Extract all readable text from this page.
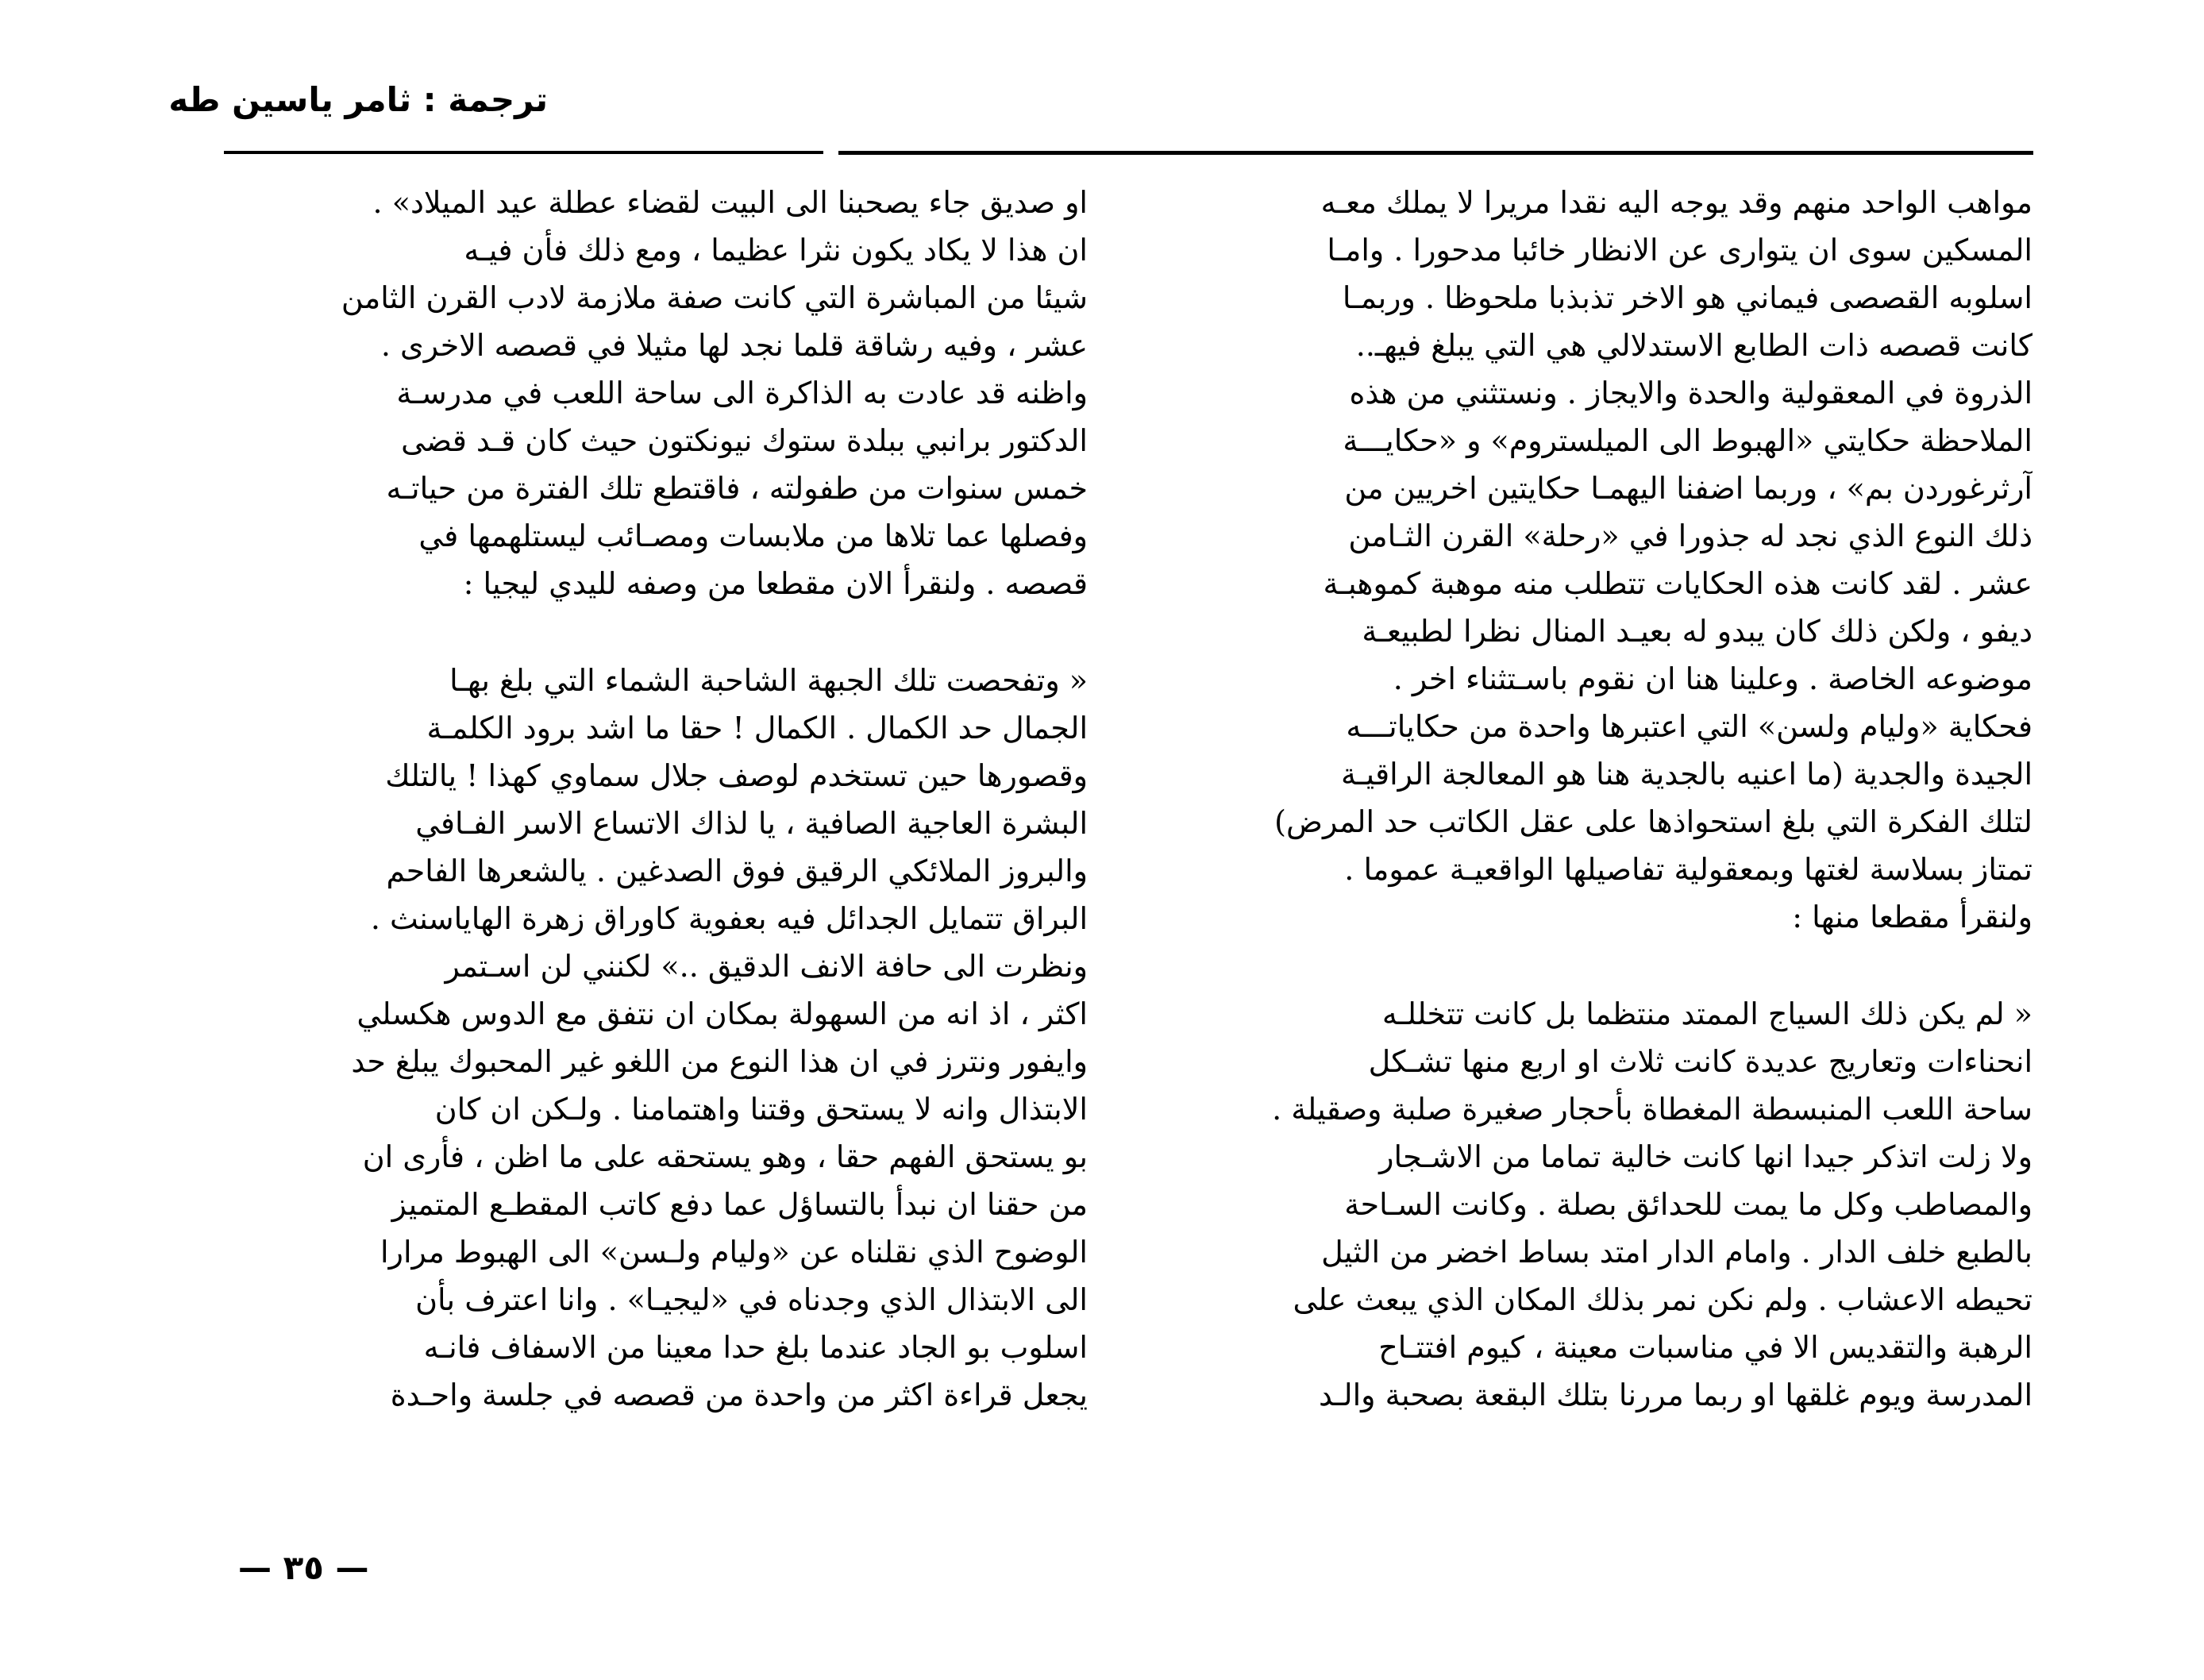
ترجمة : ثامر ياسين طه
مواهب الواحد منهم وقد يوجه اليه نقدا مريرا لا يملك معـه
المسكين سوى ان يتوارى عن الانظار خائبا مدحورا . وامـا
اسلوبه القصصى فيماني هو الاخر تذبذبا ملحوظا . وربمـا
كانت قصصه ذات الطابع الاستدلالي هي التي يبلغ فيهـ..
الذروة في المعقولية والحدة والايجاز . ونستثني من هذه
الملاحظة حكايتي «الهبوط الى الميلستروم» و «حكايـــة
آرثرغوردن بم» ، وربما اضفنا اليهمـا حكايتين اخريين من
ذلك النوع الذي نجد له جذورا في «رحلة» القرن الثـامن
عشر . لقد كانت هذه الحكايات تتطلب منه موهبة كموهبـة
ديفو ، ولكن ذلك كان يبدو له بعيـد المنال نظرا لطبيعـة
موضوعه الخاصة . وعلينا هنا ان نقوم باسـتثناء اخر .
فحكاية «وليام ولسن» التي اعتبرها واحدة من حكاياتـــه
الجيدة والجدية (ما اعنيه بالجدية هنا هو المعالجة الراقيـة
لتلك الفكرة التي بلغ استحواذها على عقل الكاتب حد المرض)
تمتاز بسلاسة لغتها وبمعقولية تفاصيلها الواقعيـة عموما .
ولنقرأ مقطعا منها :
« لم يكن ذلك السياج الممتد منتظما بل كانت تتخللـه
انحناءات وتعاريج عديدة كانت ثلاث او اربع منها تشـكل
ساحة اللعب المنبسطة المغطاة بأحجار صغيرة صلبة وصقيلة .
ولا زلت اتذكر جيدا انها كانت خالية تماما من الاشـجار
والمصاطب وكل ما يمت للحدائق بصلة . وكانت السـاحة
بالطبع خلف الدار . وامام الدار امتد بساط اخضر من الثيل
تحيطه الاعشاب . ولم نكن نمر بذلك المكان الذي يبعث على
الرهبة والتقديس الا في مناسبات معينة ، كيوم افتتـاح
المدرسة ويوم غلقها او ربما مررنا بتلك البقعة بصحبة والـد
او صديق جاء يصحبنا الى البيت لقضاء عطلة عيد الميلاد» .
ان هذا لا يكاد يكون نثرا عظيما ، ومع ذلك فأن فيـه
شيئا من المباشرة التي كانت صفة ملازمة لادب القرن الثامن
عشر ، وفيه رشاقة قلما نجد لها مثيلا في قصصه الاخرى .
واظنه قد عادت به الذاكرة الى ساحة اللعب في مدرسـة
الدكتور برانبي ببلدة ستوك نيونكتون حيث كان قـد قضى
خمس سنوات من طفولته ، فاقتطع تلك الفترة من حياتـه
وفصلها عما تلاها من ملابسات ومصـائب ليستلهمها في
قصصه . ولنقرأ الان مقطعا من وصفه لليدي ليجيا :
« وتفحصت تلك الجبهة الشاحبة الشماء التي بلغ بهـا
الجمال حد الكمال . الكمال ! حقا ما اشد برود الكلمـة
وقصورها حين تستخدم لوصف جلال سماوي كهذا ! يالتلك
البشرة العاجية الصافية ، يا لذاك الاتساع الاسر الفـافي
والبروز الملائكي الرقيق فوق الصدغين . يالشعرها الفاحم
البراق تتمايل الجدائل فيه بعفوية كاوراق زهرة الهاياسنث .
ونظرت الى حافة الانف الدقيق ..» لكنني لن اسـتمر
اكثر ، اذ انه من السهولة بمكان ان نتفق مع الدوس هكسلي
وايفور ونترز في ان هذا النوع من اللغو غير المحبوك يبلغ حد
الابتذال وانه لا يستحق وقتنا واهتمامنا . ولـكن ان كان
بو يستحق الفهم حقا ، وهو يستحقه على ما اظن ، فأرى ان
من حقنا ان نبدأ بالتساؤل عما دفع كاتب المقطـع المتميز
الوضوح الذي نقلناه عن «وليام ولـسن» الى الهبوط مرارا
الى الابتذال الذي وجدناه في «ليجيـا» . وانا اعترف بأن
اسلوب بو الجاد عندما بلغ حدا معينا من الاسفاف فانـه
يجعل قراءة اكثر من واحدة من قصصه في جلسة واحـدة
— ٣٥ —
